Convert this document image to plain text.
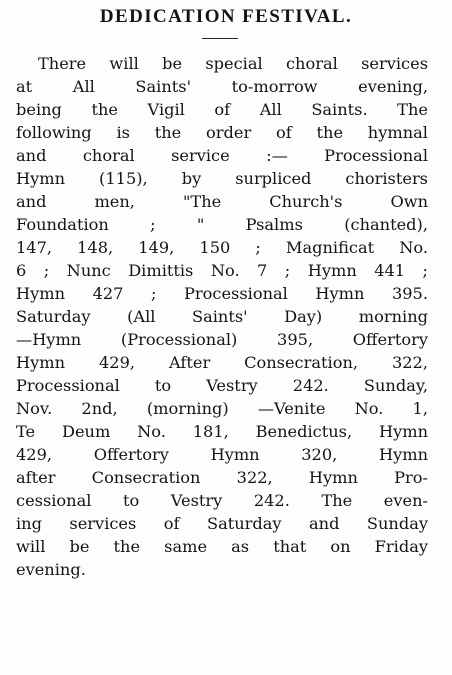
DEDICATION FESTIVAL.
There will be special choral services
at All Saints' to-morrow evening,
being the Vigil of All Saints. The
following is the order of the hymnal
and choral service :— Processional
Hymn (115), by surpliced choristers
and men, "The Church's Own
Foundation ; " Psalms (chanted),
147, 148, 149, 150 ; Magnificat No.
6 ; Nunc Dimittis No. 7 ; Hymn 441 ;
Hymn 427 ; Processional Hymn 395.
Saturday (All Saints' Day) morning
—Hymn (Processional) 395, Offertory
Hymn 429, After Consecration, 322,
Processional to Vestry 242. Sunday,
Nov. 2nd, (morning) —Venite No. 1,
Te Deum No. 181, Benedictus, Hymn
429, Offertory Hymn 320, Hymn
after Consecration 322, Hymn Pro-
cessional to Vestry 242. The even-
ing services of Saturday and Sunday
will be the same as that on Friday
evening.
